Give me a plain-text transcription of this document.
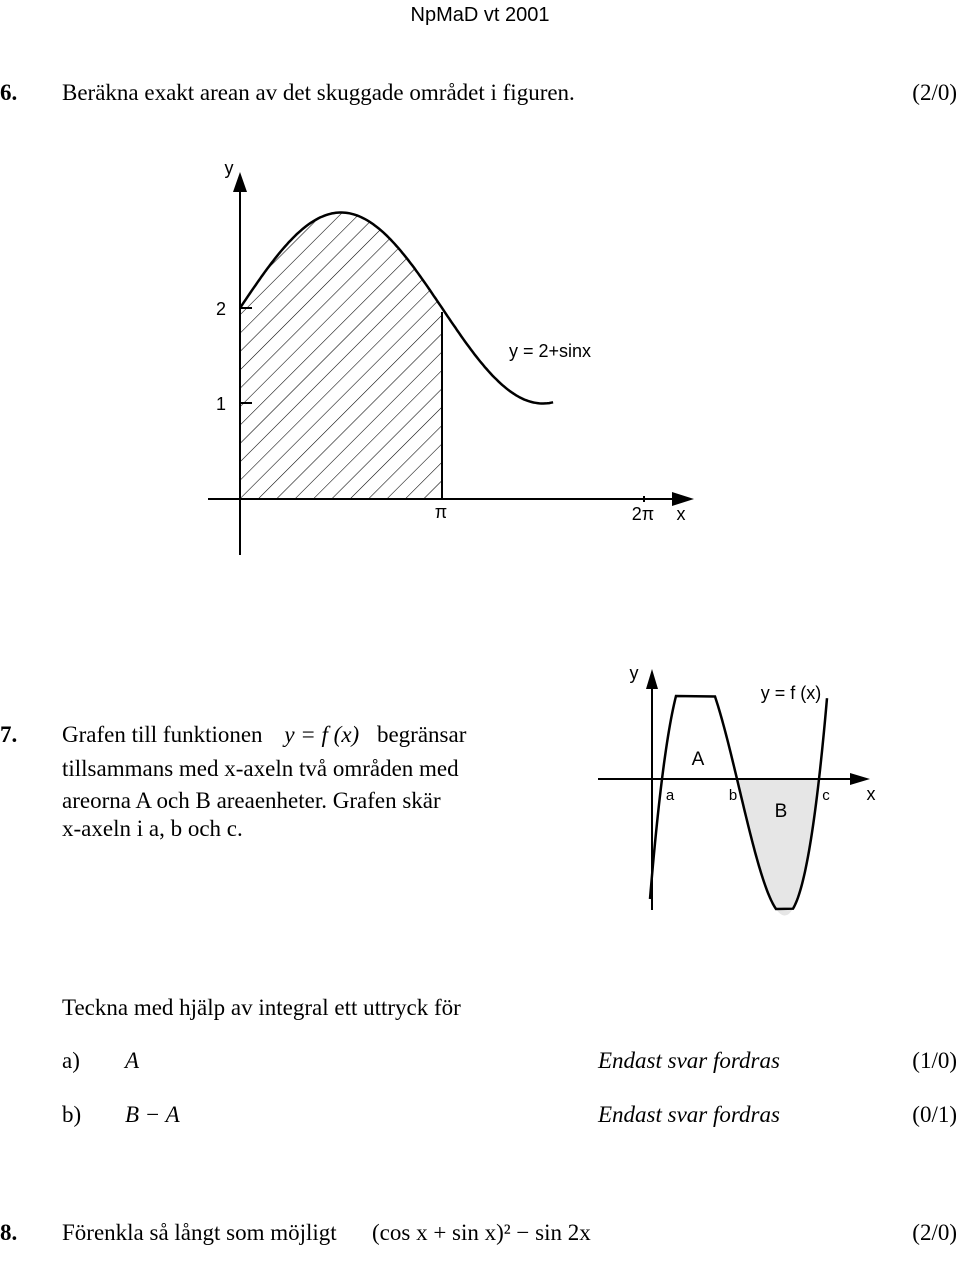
NpMaD vt 2001
6. Beräkna exakt arean av det skuggade området i figuren.	(2/0)
y
2
1
π	2π x
y = 2+sinx
7. Grafen till funktionen y = f (x) begränsar
tillsammans med x-axeln två områden med
areorna A och B areaenheter. Grafen skär
x-axeln i a, b och c.
y
y = f (x)
A
B
a	b	c x
Teckna med hjälp av integral ett uttryck för
a) A	Endast svar fordras	(1/0)
b) B − A	Endast svar fordras	(0/1)
8. Förenkla så långt som möjligt (cos x + sin x)² − sin 2x	(2/0)
